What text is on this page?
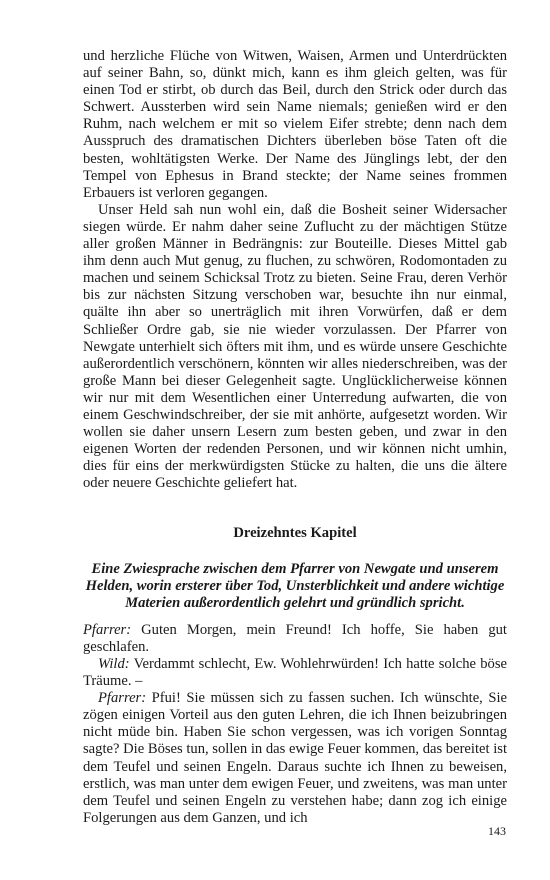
und herzliche Flüche von Witwen, Waisen, Armen und Unterdrückten auf seiner Bahn, so, dünkt mich, kann es ihm gleich gelten, was für einen Tod er stirbt, ob durch das Beil, durch den Strick oder durch das Schwert. Aussterben wird sein Name niemals; genießen wird er den Ruhm, nach welchem er mit so vielem Eifer strebte; denn nach dem Ausspruch des dramatischen Dichters überleben böse Taten oft die besten, wohltätigsten Werke. Der Name des Jünglings lebt, der den Tempel von Ephesus in Brand steckte; der Name seines frommen Erbauers ist verloren gegangen.

Unser Held sah nun wohl ein, daß die Bosheit seiner Widersacher siegen würde. Er nahm daher seine Zuflucht zu der mächtigen Stütze aller großen Männer in Bedrängnis: zur Bouteille. Dieses Mittel gab ihm denn auch Mut genug, zu fluchen, zu schwören, Rodomontaden zu machen und seinem Schicksal Trotz zu bieten. Seine Frau, deren Verhör bis zur nächsten Sitzung verschoben war, besuchte ihn nur einmal, quälte ihn aber so unerträglich mit ihren Vorwürfen, daß er dem Schließer Ordre gab, sie nie wieder vorzulassen. Der Pfarrer von Newgate unterhielt sich öfters mit ihm, und es würde unsere Geschichte außerordentlich verschönern, könnten wir alles niederschreiben, was der große Mann bei dieser Gelegenheit sagte. Unglücklicherweise können wir nur mit dem Wesentlichen einer Unterredung aufwarten, die von einem Geschwindschreiber, der sie mit anhörte, aufgesetzt worden. Wir wollen sie daher unsern Lesern zum besten geben, und zwar in den eigenen Worten der redenden Personen, und wir können nicht umhin, dies für eins der merkwürdigsten Stücke zu halten, die uns die ältere oder neuere Geschichte geliefert hat.

Dreizehntes Kapitel
Eine Zwiesprache zwischen dem Pfarrer von Newgate und unserem Helden, worin ersterer über Tod, Unsterblichkeit und andere wichtige Materien außerordentlich gelehrt und gründlich spricht.

Pfarrer: Guten Morgen, mein Freund! Ich hoffe, Sie haben gut geschlafen.

Wild: Verdammt schlecht, Ew. Wohlehrwürden! Ich hatte solche böse Träume. –

Pfarrer: Pfui! Sie müssen sich zu fassen suchen. Ich wünschte, Sie zögen einigen Vorteil aus den guten Lehren, die ich Ihnen beizubringen nicht müde bin. Haben Sie schon vergessen, was ich vorigen Sonntag sagte? Die Böses tun, sollen in das ewige Feuer kommen, das bereitet ist dem Teufel und seinen Engeln. Daraus suchte ich Ihnen zu beweisen, erstlich, was man unter dem ewigen Feuer, und zweitens, was man unter dem Teufel und seinen Engeln zu verstehen habe; dann zog ich einige Folgerungen aus dem Ganzen, und ich

143
